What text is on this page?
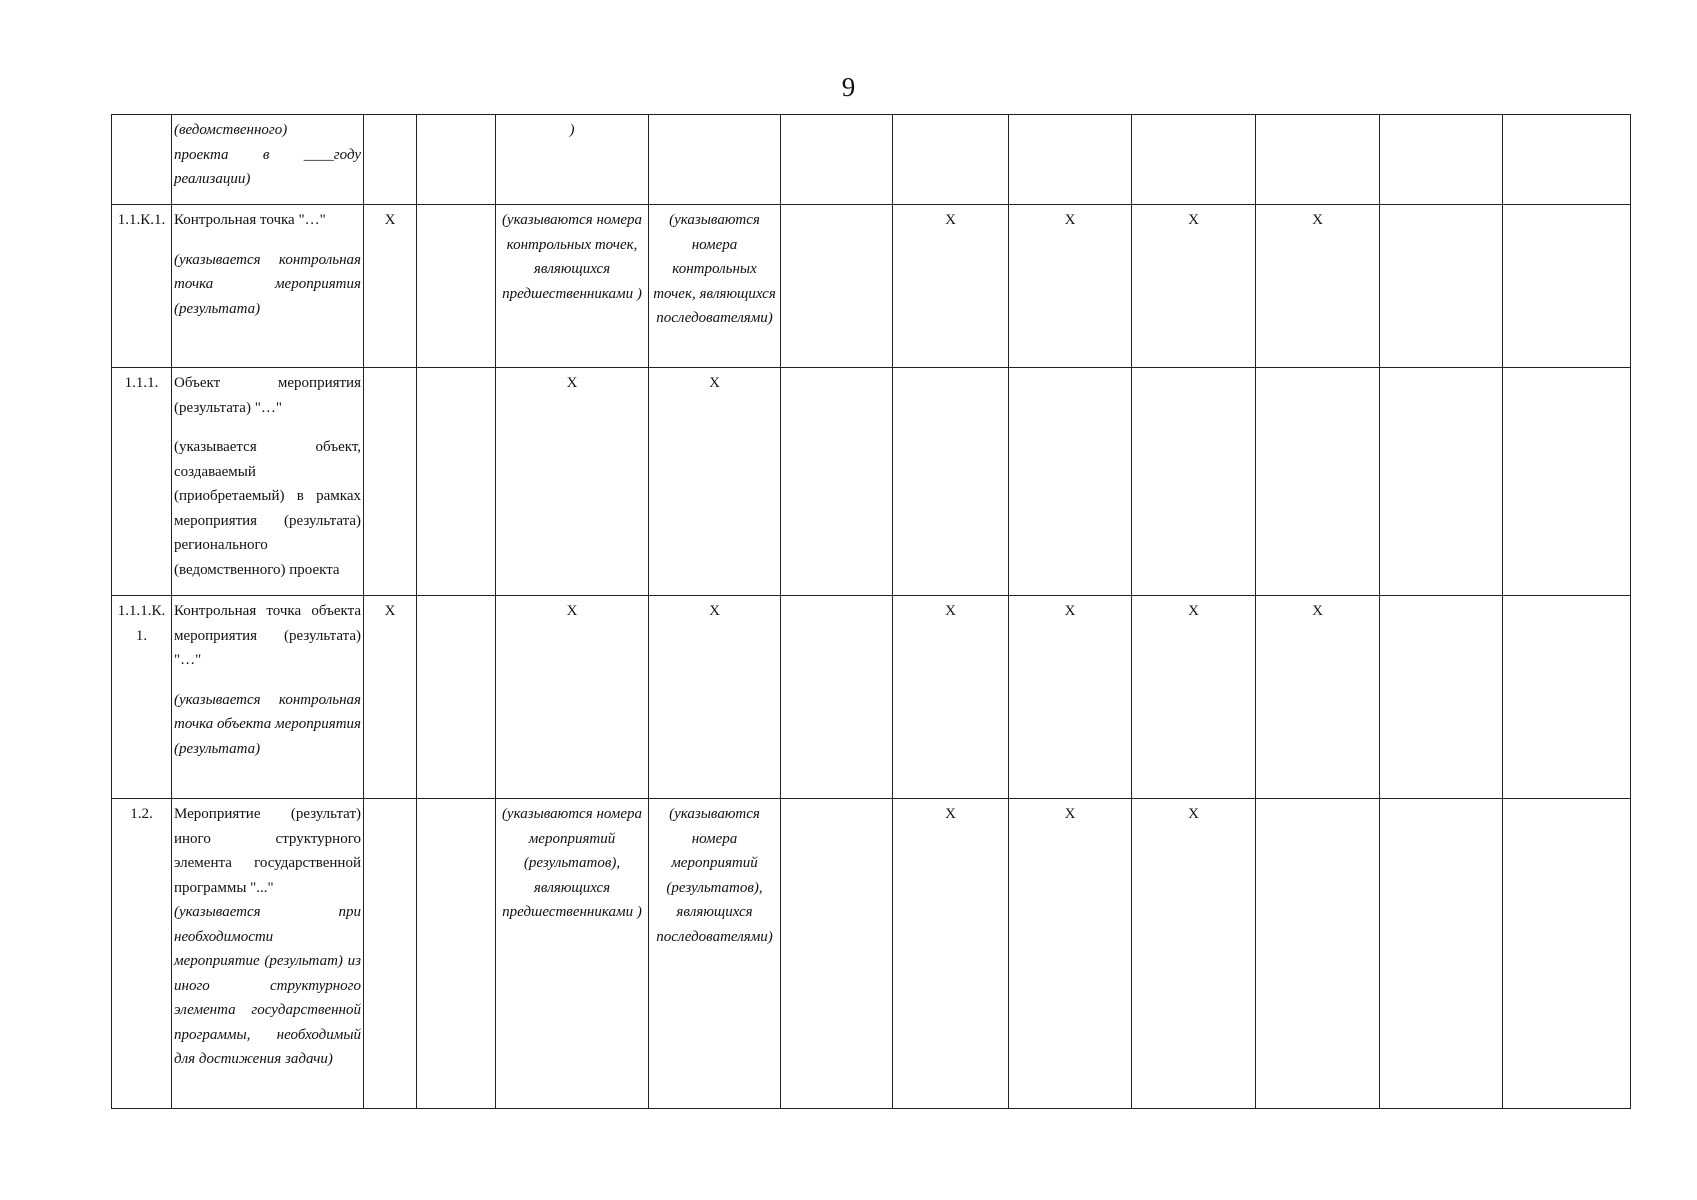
9

	(ведомственного)
проекта в ____году
реализации)			)								
1.1.К.1.	Контрольная точка "…"
(указывается контрольная точка мероприятия (результата)	X		(указываются номера контрольных точек, являющихся предшественниками )	(указываются номера контрольных точек, являющихся последователями)		X	X	X	X		
1.1.1.	Объект мероприятия (результата) "…"
(указывается объект, создаваемый (приобретаемый) в рамках мероприятия (результата) регионального (ведомственного) проекта			X	X							
1.1.1.К. 1.	Контрольная точка объекта мероприятия (результата) "…"
(указывается контрольная точка объекта мероприятия (результата)	X		X	X		X	X	X	X		
1.2.	Мероприятие (результат) иного структурного элемента государственной программы "..."
(указывается при необходимости мероприятие (результат) из иного структурного элемента государственной программы, необходимый для достижения задачи)			(указываются номера мероприятий (результатов), являющихся предшественниками )	(указываются номера мероприятий (результатов), являющихся последователями)		X	X	X			
